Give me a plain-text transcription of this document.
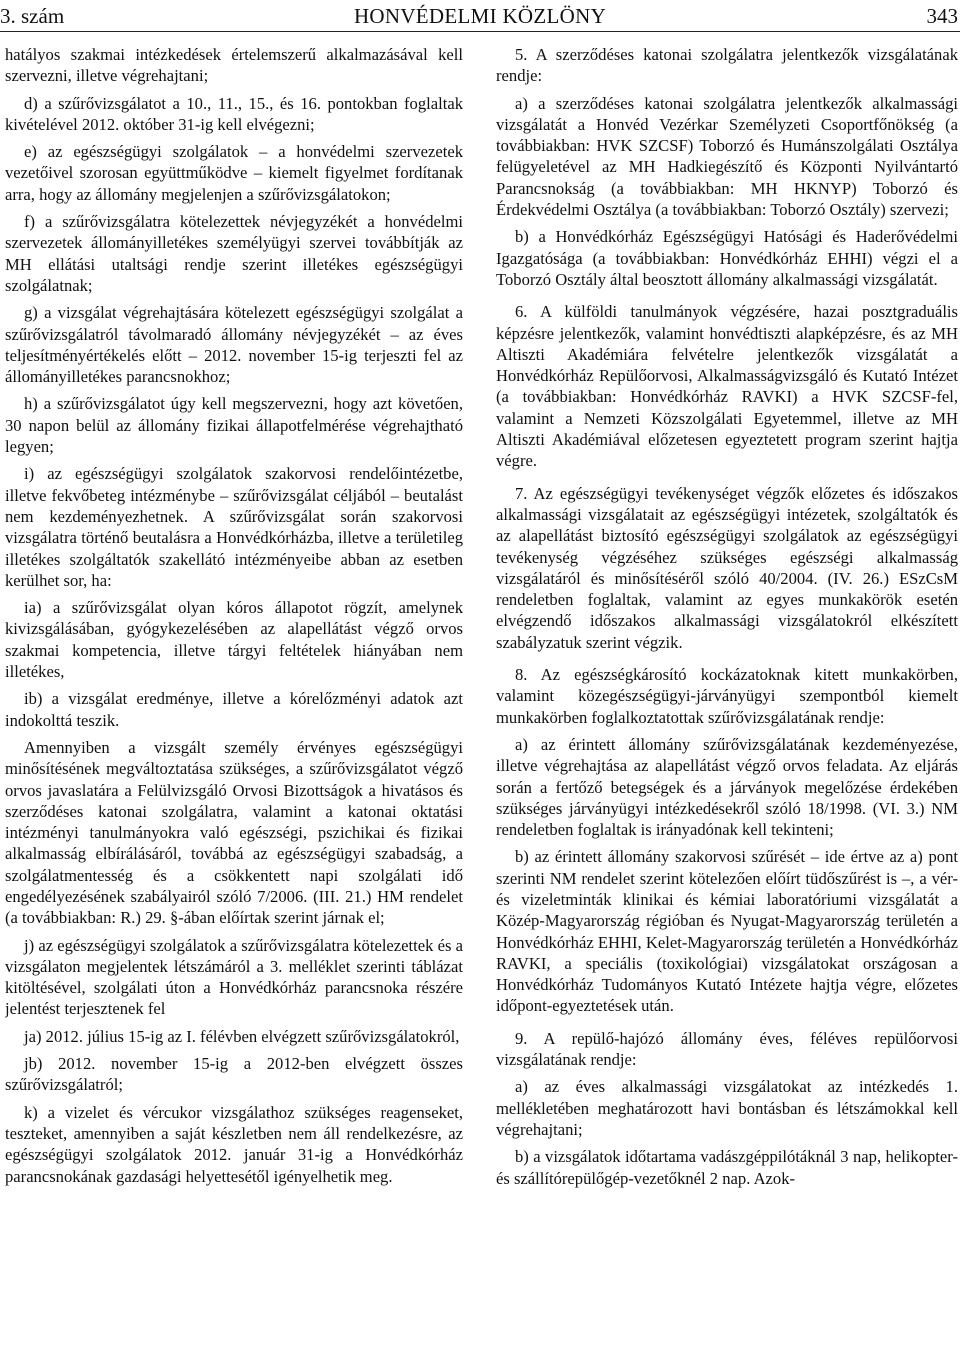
3. szám	HONVÉDELMI KÖZLÖNY	343

hatályos szakmai intézkedések értelemszerű alkalmazásával kell szervezni, illetve végrehajtani;

d) a szűrővizsgálatot a 10., 11., 15., és 16. pontokban foglaltak kivételével 2012. október 31-ig kell elvégezni;

e) az egészségügyi szolgálatok – a honvédelmi szervezetek vezetőivel szorosan együttműködve – kiemelt figyelmet fordítanak arra, hogy az állomány megjelenjen a szűrővizsgálatokon;

f) a szűrővizsgálatra kötelezettek névjegyzékét a honvédelmi szervezetek állományilletékes személyügyi szervei továbbítják az MH ellátási utaltsági rendje szerint illetékes egészségügyi szolgálatnak;

g) a vizsgálat végrehajtására kötelezett egészségügyi szolgálat a szűrővizsgálatról távolmaradó állomány névjegyzékét – az éves teljesítményértékelés előtt – 2012. november 15-ig terjeszti fel az állományilletékes parancsnokhoz;

h) a szűrővizsgálatot úgy kell megszervezni, hogy azt követően, 30 napon belül az állomány fizikai állapotfelmérése végrehajtható legyen;

i) az egészségügyi szolgálatok szakorvosi rendelőintézetbe, illetve fekvőbeteg intézménybe – szűrővizsgálat céljából – beutalást nem kezdeményezhetnek. A szűrővizsgálat során szakorvosi vizsgálatra történő beutalásra a Honvédkórházba, illetve a területileg illetékes szolgáltatók szakellátó intézményeibe abban az esetben kerülhet sor, ha:

ia) a szűrővizsgálat olyan kóros állapotot rögzít, amelynek kivizsgálásában, gyógykezelésében az alapellátást végző orvos szakmai kompetencia, illetve tárgyi feltételek hiányában nem illetékes,

ib) a vizsgálat eredménye, illetve a kórelőzményi adatok azt indokolttá teszik.

Amennyiben a vizsgált személy érvényes egészségügyi minősítésének megváltoztatása szükséges, a szűrővizsgálatot végző orvos javaslatára a Felülvizsgáló Orvosi Bizottságok a hivatásos és szerződéses katonai szolgálatra, valamint a katonai oktatási intézményi tanulmányokra való egészségi, pszichikai és fizikai alkalmasság elbírálásáról, továbbá az egészségügyi szabadság, a szolgálatmentesség és a csökkentett napi szolgálati idő engedélyezésének szabályairól szóló 7/2006. (III. 21.) HM rendelet (a továbbiakban: R.) 29. §-ában előírtak szerint járnak el;

j) az egészségügyi szolgálatok a szűrővizsgálatra kötelezettek és a vizsgálaton megjelentek létszámáról a 3. melléklet szerinti táblázat kitöltésével, szolgálati úton a Honvédkórház parancsnoka részére jelentést terjesztenek fel

ja) 2012. július 15-ig az I. félévben elvégzett szűrővizsgálatokról,

jb) 2012. november 15-ig a 2012-ben elvégzett összes szűrővizsgálatról;

k) a vizelet és vércukor vizsgálathoz szükséges reagenseket, teszteket, amennyiben a saját készletben nem áll rendelkezésre, az egészségügyi szolgálatok 2012. január 31-ig a Honvédkórház parancsnokának gazdasági helyettesétől igényelhetik meg.

5. A szerződéses katonai szolgálatra jelentkezők vizsgálatának rendje:

a) a szerződéses katonai szolgálatra jelentkezők alkalmassági vizsgálatát a Honvéd Vezérkar Személyzeti Csoportfőnökség (a továbbiakban: HVK SZCSF) Toborzó és Humánszolgálati Osztálya felügyeletével az MH Hadkiegészítő és Központi Nyilvántartó Parancsnokság (a továbbiakban: MH HKNYP) Toborzó és Érdekvédelmi Osztálya (a továbbiakban: Toborzó Osztály) szervezi;

b) a Honvédkórház Egészségügyi Hatósági és Haderővédelmi Igazgatósága (a továbbiakban: Honvédkórház EHHI) végzi el a Toborzó Osztály által beosztott állomány alkalmassági vizsgálatát.

6. A külföldi tanulmányok végzésére, hazai posztgraduális képzésre jelentkezők, valamint honvédtiszti alapképzésre, és az MH Altiszti Akadémiára felvételre jelentkezők vizsgálatát a Honvédkórház Repülőorvosi, Alkalmasságvizsgáló és Kutató Intézet (a továbbiakban: Honvédkórház RAVKI) a HVK SZCSF-fel, valamint a Nemzeti Közszolgálati Egyetemmel, illetve az MH Altiszti Akadémiával előzetesen egyeztetett program szerint hajtja végre.

7. Az egészségügyi tevékenységet végzők előzetes és időszakos alkalmassági vizsgálatait az egészségügyi intézetek, szolgáltatók és az alapellátást biztosító egészségügyi szolgálatok az egészségügyi tevékenység végzéséhez szükséges egészségi alkalmasság vizsgálatáról és minősítéséről szóló 40/2004. (IV. 26.) ESzCsM rendeletben foglaltak, valamint az egyes munkakörök esetén elvégzendő időszakos alkalmassági vizsgálatokról elkészített szabályzatuk szerint végzik.

8. Az egészségkárosító kockázatoknak kitett munkakörben, valamint közegészségügyi-járványügyi szempontból kiemelt munkakörben foglalkoztatottak szűrővizsgálatának rendje:

a) az érintett állomány szűrővizsgálatának kezdeményezése, illetve végrehajtása az alapellátást végző orvos feladata. Az eljárás során a fertőző betegségek és a járványok megelőzése érdekében szükséges járványügyi intézkedésekről szóló 18/1998. (VI. 3.) NM rendeletben foglaltak is irányadónak kell tekinteni;

b) az érintett állomány szakorvosi szűrését – ide értve az a) pont szerinti NM rendelet szerint kötelezően előírt tüdőszűrést is –, a vér- és vizeletminták klinikai és kémiai laboratóriumi vizsgálatát a Közép-Magyarország régióban és Nyugat-Magyarország területén a Honvédkórház EHHI, Kelet-Magyarország területén a Honvédkórház RAVKI, a speciális (toxikológiai) vizsgálatokat országosan a Honvédkórház Tudományos Kutató Intézete hajtja végre, előzetes időpont-egyeztetések után.

9. A repülő-hajózó állomány éves, féléves repülőorvosi vizsgálatának rendje:

a) az éves alkalmassági vizsgálatokat az intézkedés 1. mellékletében meghatározott havi bontásban és létszámokkal kell végrehajtani;

b) a vizsgálatok időtartama vadászgéppilótáknál 3 nap, helikopter- és szállítórepülőgép-vezetőknél 2 nap. Azok-
